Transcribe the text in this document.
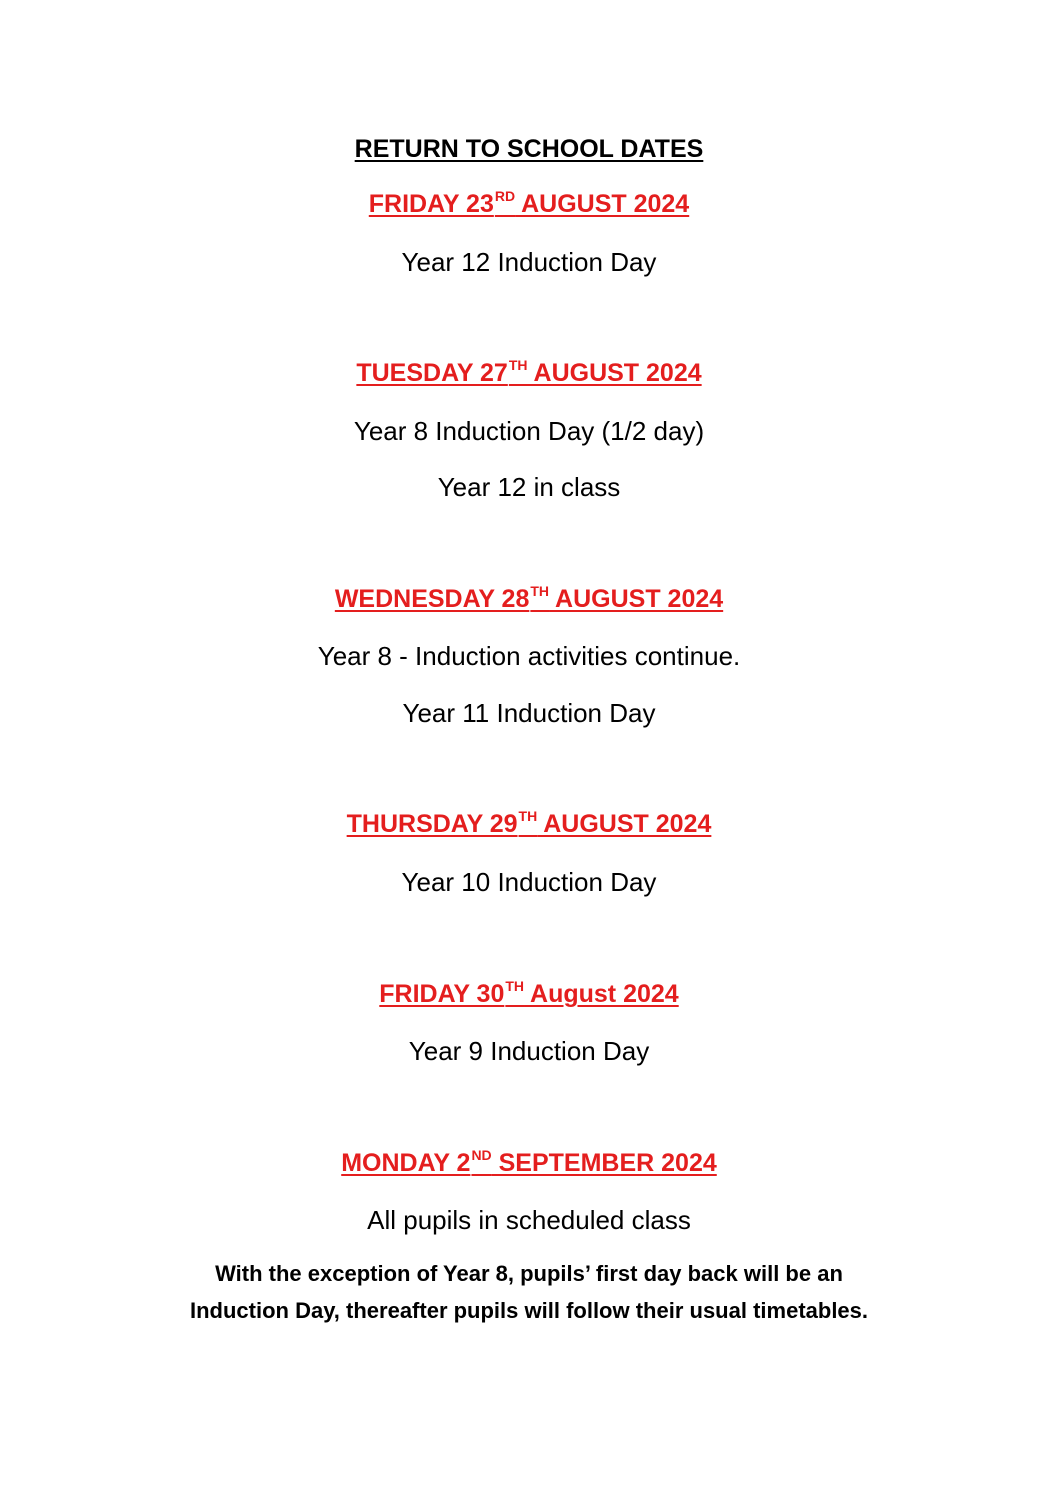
RETURN TO SCHOOL DATES
FRIDAY 23RD AUGUST 2024
Year 12 Induction Day
TUESDAY 27TH AUGUST 2024
Year 8 Induction Day (1/2 day)
Year 12 in class
WEDNESDAY 28TH AUGUST 2024
Year 8 - Induction activities continue.
Year 11 Induction Day
THURSDAY 29TH AUGUST 2024
Year 10 Induction Day
FRIDAY 30TH August 2024
Year 9 Induction Day
MONDAY 2ND SEPTEMBER 2024
All pupils in scheduled class
With the exception of Year 8, pupils’ first day back will be an
Induction Day, thereafter pupils will follow their usual timetables.
